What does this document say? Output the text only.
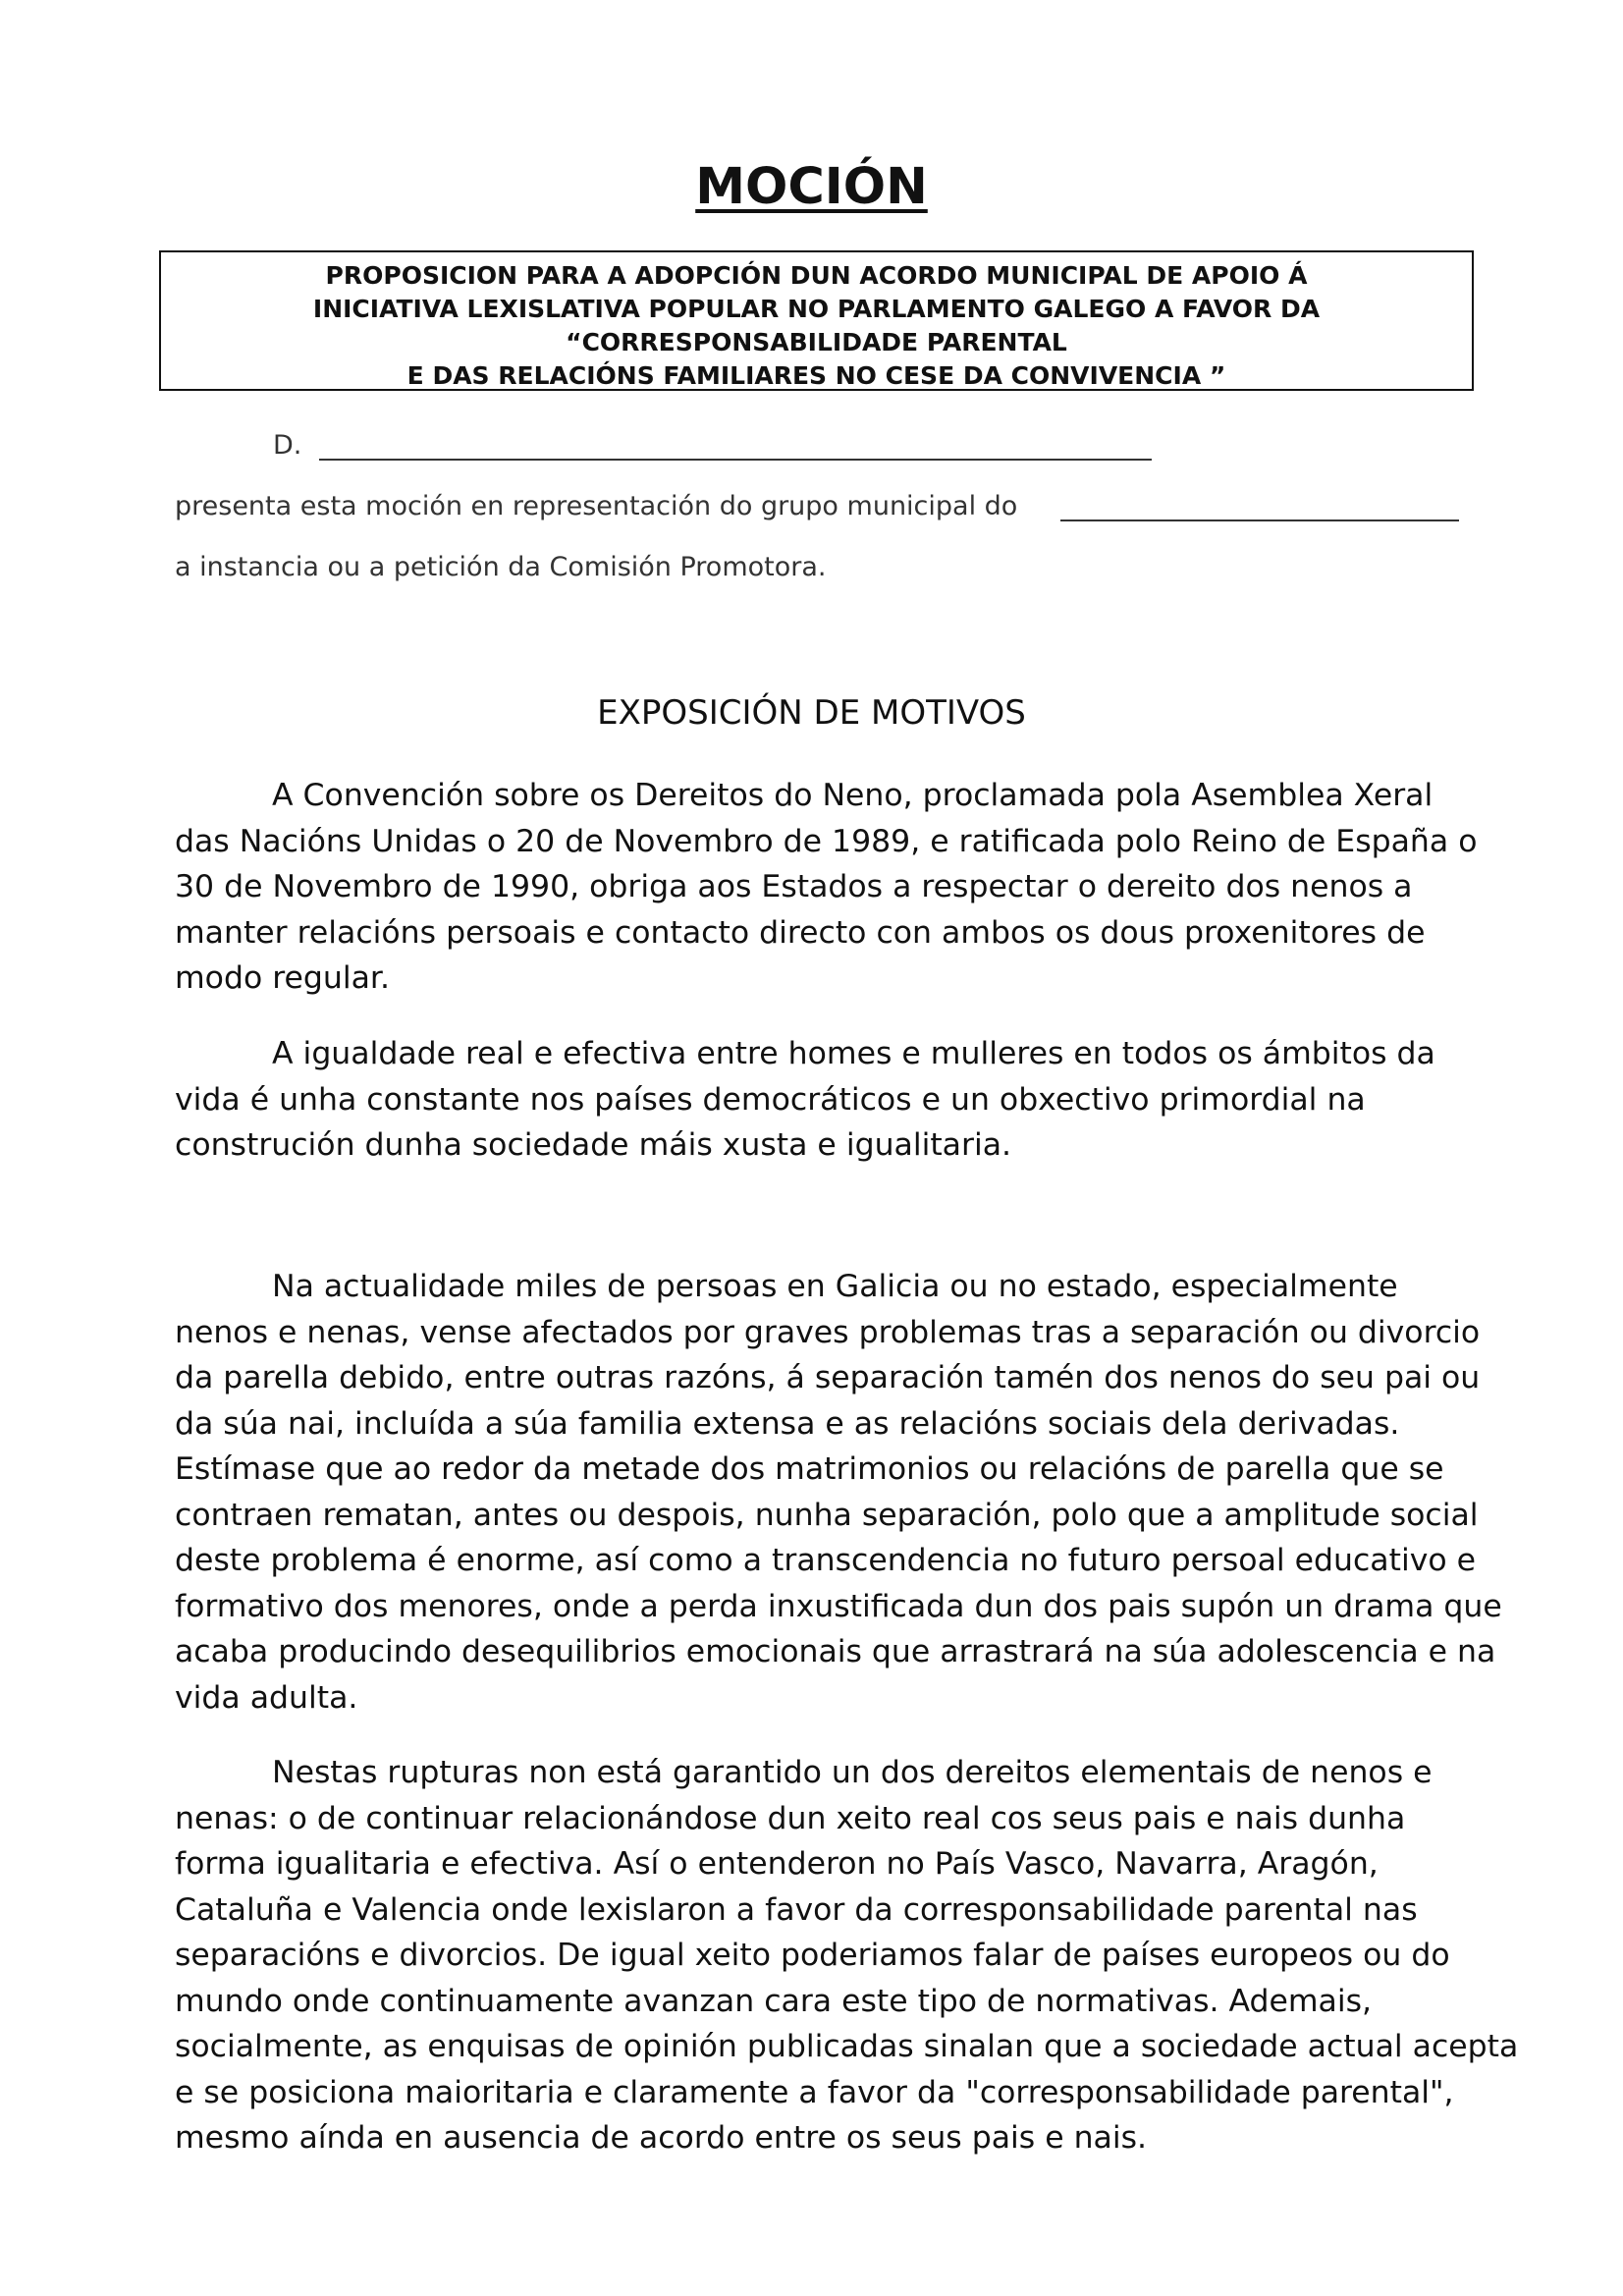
MOCIÓN
PROPOSICION PARA A ADOPCIÓN DUN ACORDO MUNICIPAL DE APOIO Á
INICIATIVA LEXISLATIVA POPULAR NO PARLAMENTO GALEGO A FAVOR DA
“CORRESPONSABILIDADE PARENTAL
E DAS RELACIÓNS FAMILIARES NO CESE DA CONVIVENCIA ”
D.
presenta esta moción en representación do grupo municipal do
a instancia ou a petición da Comisión Promotora.
EXPOSICIÓN DE MOTIVOS

A Convención sobre os Dereitos do Neno, proclamada pola Asemblea Xeral
das Nacións Unidas o 20 de Novembro de 1989, e ratificada polo Reino de España o
30 de Novembro de 1990, obriga aos Estados a respectar o dereito dos nenos a
manter relacións persoais e contacto directo con ambos os dous proxenitores de
modo regular.

A igualdade real e efectiva entre homes e mulleres en todos os ámbitos da
vida é unha constante nos países democráticos e un obxectivo primordial na
construción dunha sociedade máis xusta e igualitaria.

Na actualidade miles de persoas en Galicia ou no estado, especialmente
nenos e nenas, vense afectados por graves problemas tras a separación ou divorcio
da parella debido, entre outras razóns, á separación tamén dos nenos do seu pai ou
da súa nai, incluída a súa familia extensa e as relacións sociais dela derivadas.
Estímase que ao redor da metade dos matrimonios ou relacións de parella que se
contraen rematan, antes ou despois, nunha separación, polo que a amplitude social
deste problema é enorme, así como a transcendencia no futuro persoal educativo e
formativo dos menores, onde a perda inxustificada dun dos pais supón un drama que
acaba producindo desequilibrios emocionais que arrastrará na súa adolescencia e na
vida adulta.

Nestas rupturas non está garantido un dos dereitos elementais de nenos e
nenas: o de continuar relacionándose dun xeito real cos seus pais e nais dunha
forma igualitaria e efectiva. Así o entenderon no País Vasco, Navarra, Aragón,
Cataluña e Valencia onde lexislaron a favor da corresponsabilidade parental nas
separacións e divorcios. De igual xeito poderiamos falar de países europeos ou do
mundo onde continuamente avanzan cara este tipo de normativas. Ademais,
socialmente, as enquisas de opinión publicadas sinalan que a sociedade actual acepta
e se posiciona maioritaria e claramente a favor da "corresponsabilidade parental",
mesmo aínda en ausencia de acordo entre os seus pais e nais.
